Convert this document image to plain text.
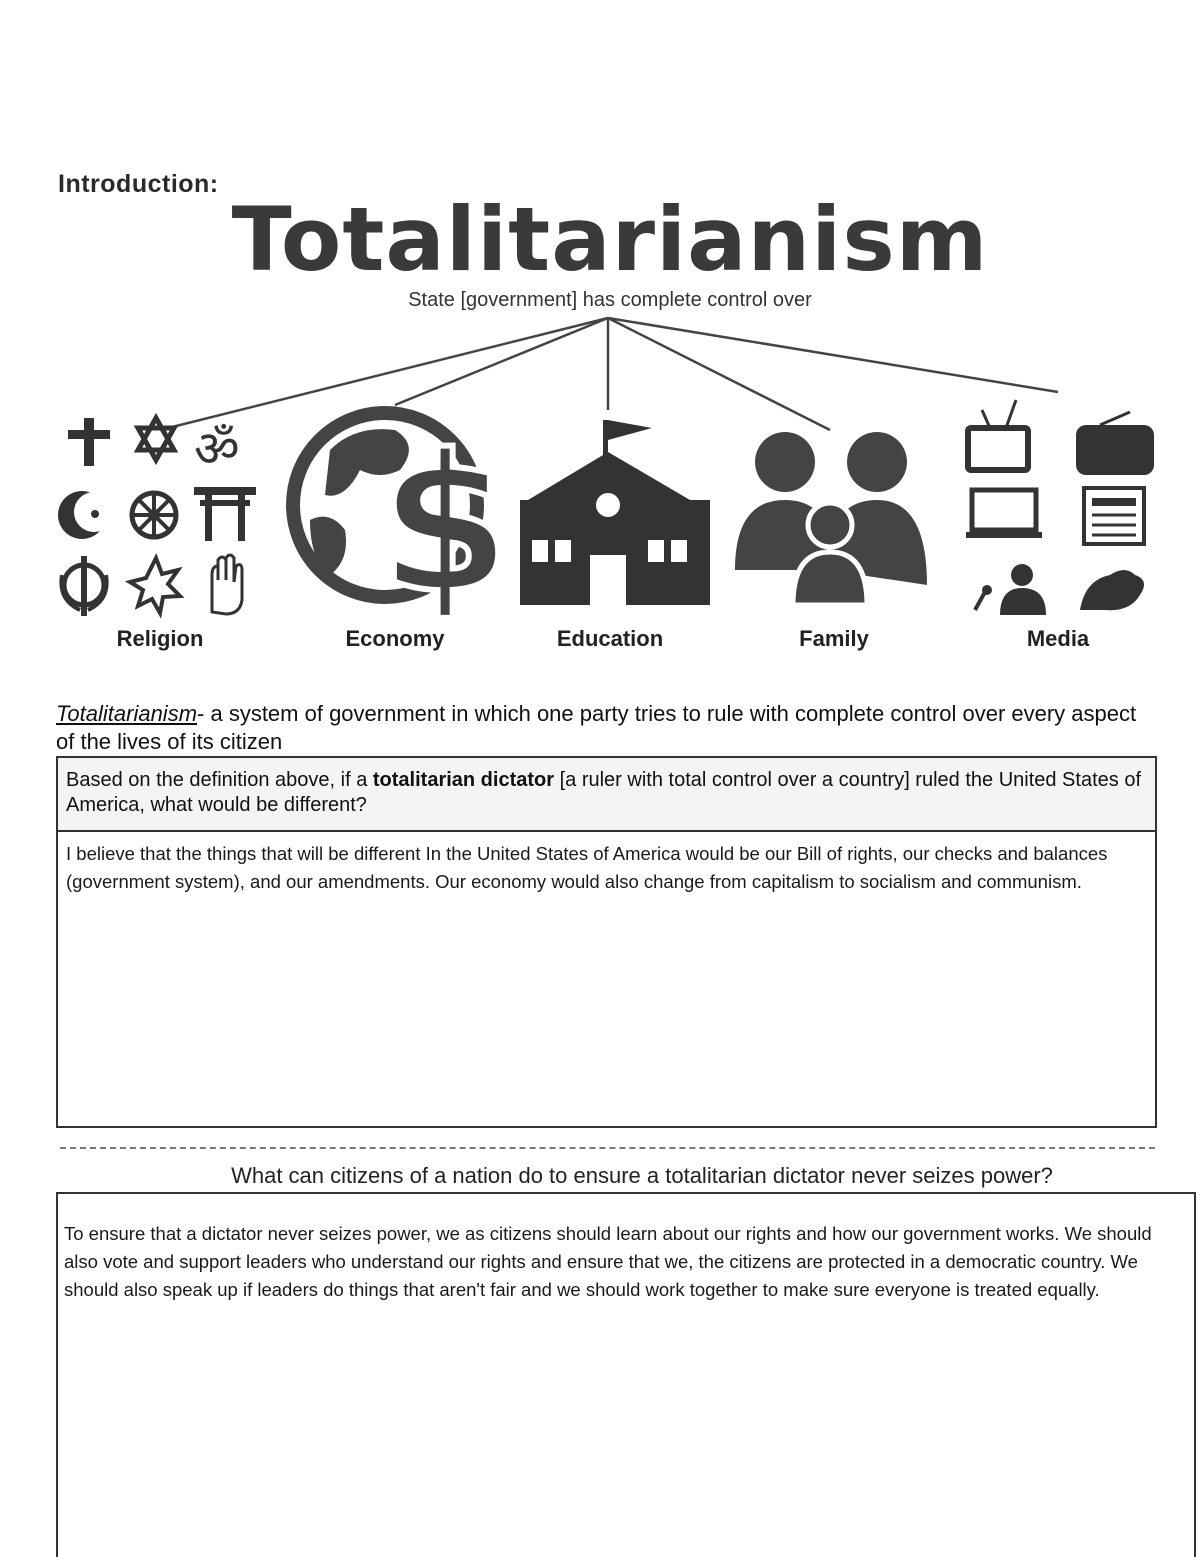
Introduction:
Totalitarianism
State [government] has complete control over
ॐ $
Religion	Economy	Education	Family	Media
Totalitarianism- a system of government in which one party tries to rule with complete control over every aspect of the lives of its citizen
Based on the definition above, if a totalitarian dictator [a ruler with total control over a country] ruled the United States of America, what would be different?
I believe that the things that will be different In the United States of America would be our Bill of rights, our checks and balances (government system), and our amendments. Our economy would also change from capitalism to socialism and communism.
What can citizens of a nation do to ensure a totalitarian dictator never seizes power?
To ensure that a dictator never seizes power, we as citizens should learn about our rights and how our government works. We should also vote and support leaders who understand our rights and ensure that we, the citizens are protected in a democratic country. We should also speak up if leaders do things that aren't fair and we should work together to make sure everyone is treated equally.
